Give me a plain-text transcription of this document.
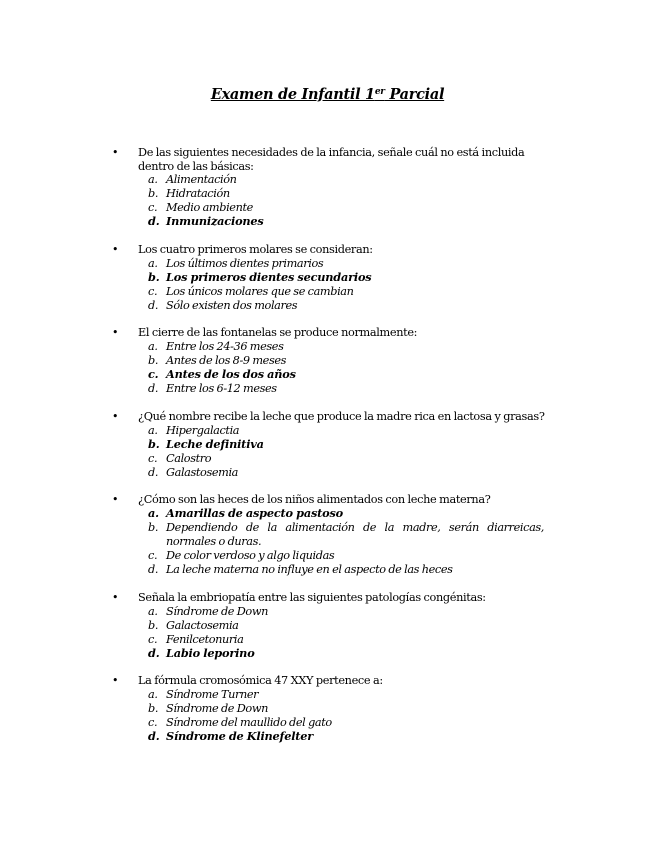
Examen de Infantil 1er Parcial
• De las siguientes necesidades de la infancia, señale cuál no está incluida dentro de las básicas:
a. Alimentación
b. Hidratación
c. Medio ambiente
d. Inmunizaciones
• Los cuatro primeros molares se consideran:
a. Los últimos dientes primarios
b. Los primeros dientes secundarios
c. Los únicos molares que se cambian
d. Sólo existen dos molares
• El cierre de las fontanelas se produce normalmente:
a. Entre los 24-36 meses
b. Antes de los 8-9 meses
c. Antes de los dos años
d. Entre los 6-12 meses
• ¿Qué nombre recibe la leche que produce la madre rica en lactosa y grasas?
a. Hipergalactia
b. Leche definitiva
c. Calostro
d. Galastosemia
• ¿Cómo son las heces de los niños alimentados con leche materna?
a. Amarillas de aspecto pastoso
b. Dependiendo de la alimentación de la madre, serán diarreicas, normales o duras.
c. De color verdoso y algo liquidas
d. La leche materna no influye en el aspecto de las heces
• Señala la embriopatía entre las siguientes patologías congénitas:
a. Síndrome de Down
b. Galactosemia
c. Fenilcetonuria
d. Labio leporino
• La fórmula cromosómica 47 XXY pertenece a:
a. Síndrome Turner
b. Síndrome de Down
c. Síndrome del maullido del gato
d. Síndrome de Klinefelter
